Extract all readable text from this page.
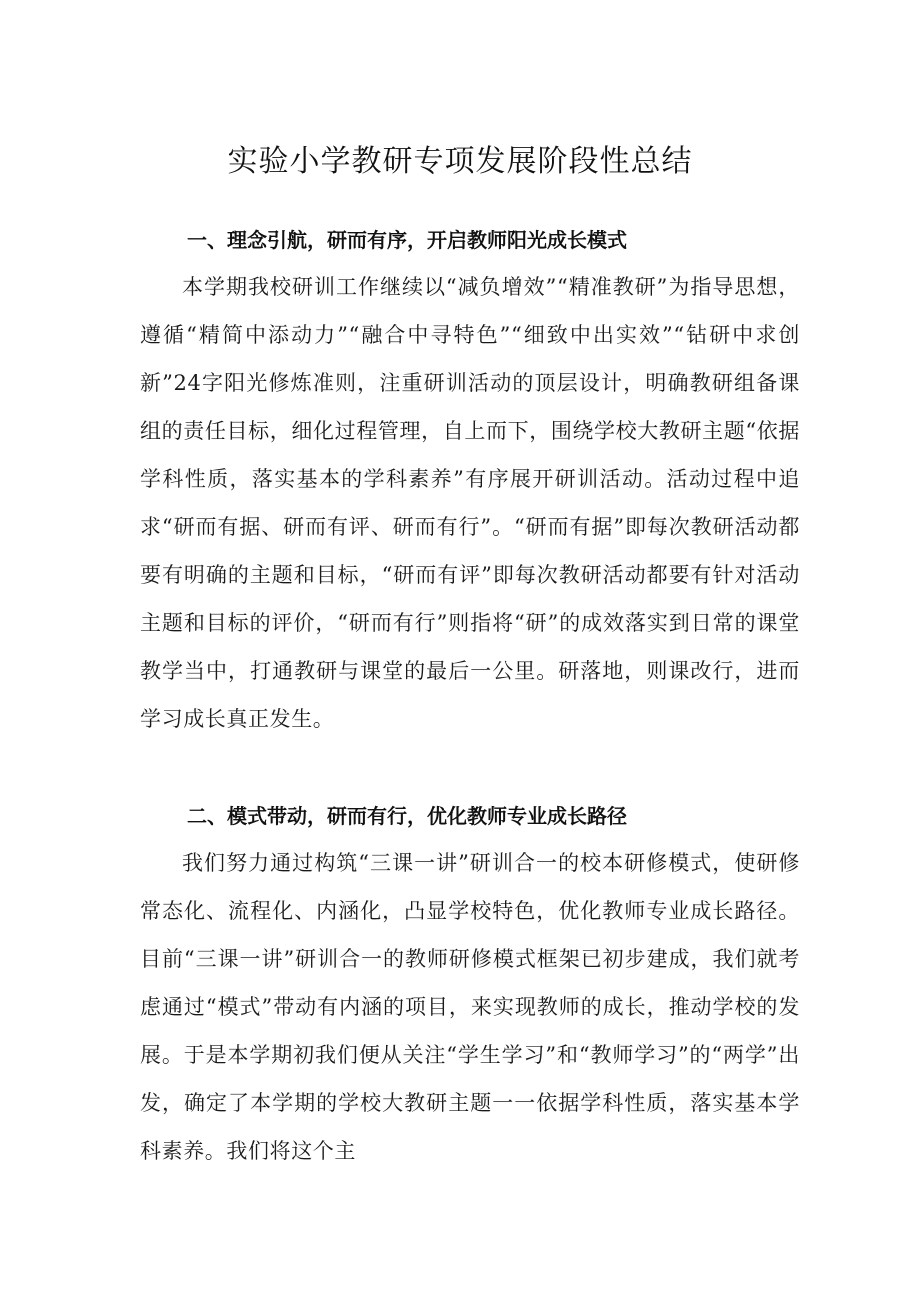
实验小学教研专项发展阶段性总结
一、理念引航，研而有序，开启教师阳光成长模式

本学期我校研训工作继续以“减负增效”“精准教研”为指导思想，遵循“精简中添动力”“融合中寻特色”“细致中出实效”“钻研中求创新”24字阳光修炼准则，注重研训活动的顶层设计，明确教研组备课组的责任目标，细化过程管理，自上而下，围绕学校大教研主题“依据学科性质，落实基本的学科素养”有序展开研训活动。活动过程中追求“研而有据、研而有评、研而有行”。“研而有据”即每次教研活动都要有明确的主题和目标，“研而有评”即每次教研活动都要有针对活动主题和目标的评价，“研而有行”则指将“研”的成效落实到日常的课堂教学当中，打通教研与课堂的最后一公里。研落地，则课改行，进而学习成长真正发生。

二、模式带动，研而有行，优化教师专业成长路径

我们努力通过构筑“三课一讲”研训合一的校本研修模式，使研修常态化、流程化、内涵化，凸显学校特色，优化教师专业成长路径。目前“三课一讲”研训合一的教师研修模式框架已初步建成，我们就考虑通过“模式”带动有内涵的项目，来实现教师的成长，推动学校的发展。于是本学期初我们便从关注“学生学习”和“教师学习”的“两学”出发，确定了本学期的学校大教研主题一一依据学科性质，落实基本学科素养。我们将这个主
